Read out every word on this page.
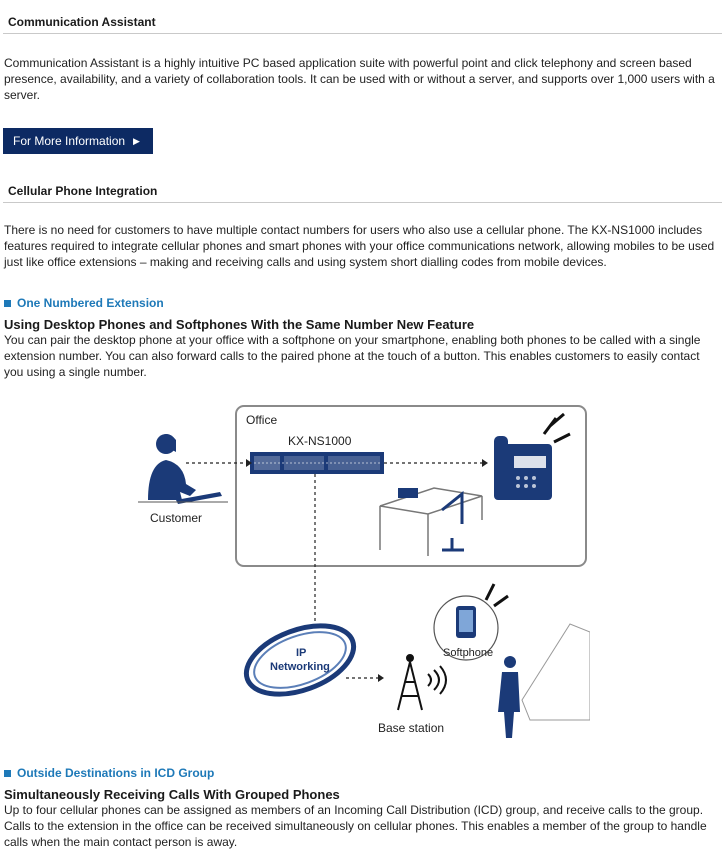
Communication Assistant

Communication Assistant is a highly intuitive PC based application suite with powerful point and click telephony and screen based presence, availability, and a variety of collaboration tools. It can be used with or without a server, and supports over 1,000 users with a server.

For More Information ▶
Cellular Phone Integration

There is no need for customers to have multiple contact numbers for users who also use a cellular phone. The KX-NS1000 includes features required to integrate cellular phones and smart phones with your office communications network, allowing mobiles to be used just like office extensions – making and receiving calls and using system short dialling codes from mobile devices.

One Numbered Extension
Using Desktop Phones and Softphones With the Same Number New Feature

You can pair the desktop phone at your office with a softphone on your smartphone, enabling both phones to be called with a single extension number. You can also forward calls to the paired phone at the touch of a button. This enables customers to easily contact you using a single number.

Office
KX-NS1000
Customer
IP
Networking
Base station
Softphone
Outside Destinations in ICD Group
Simultaneously Receiving Calls With Grouped Phones

Up to four cellular phones can be assigned as members of an Incoming Call Distribution (ICD) group, and receive calls to the group. Calls to the extension in the office can be received simultaneously on cellular phones. This enables a member of the group to handle calls when the main contact person is away.
